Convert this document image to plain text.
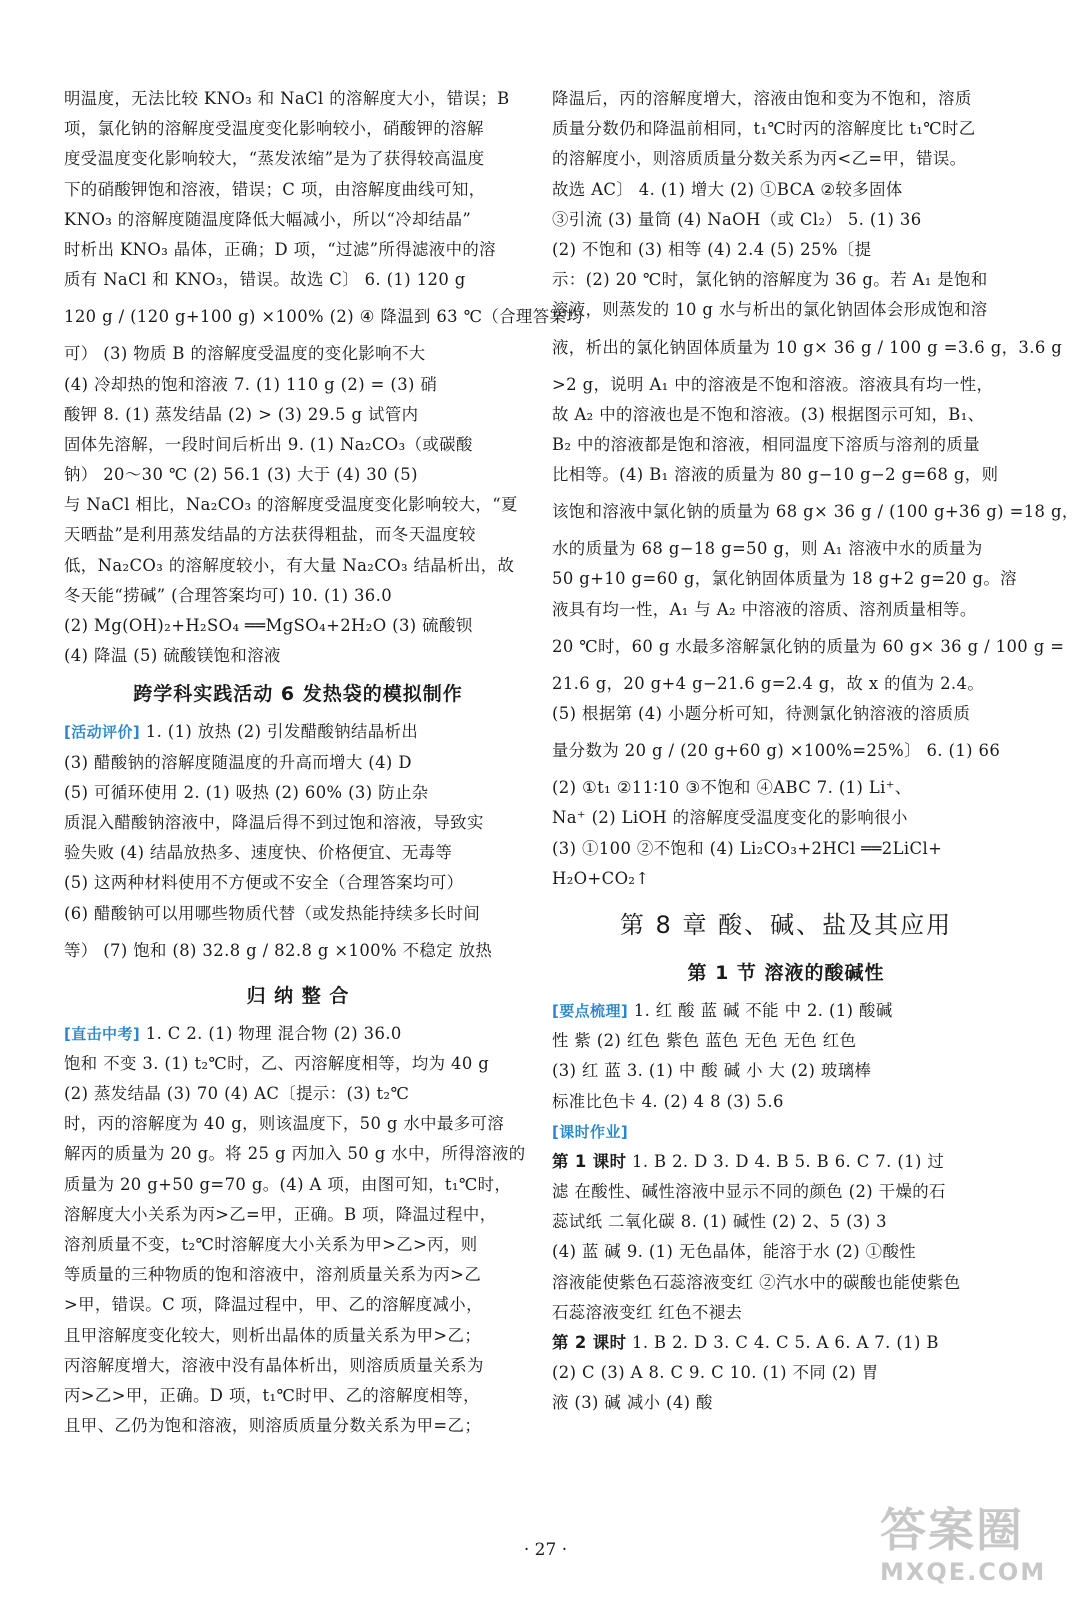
明温度，无法比较 KNO₃ 和 NaCl 的溶解度大小，错误；B
项，氯化钠的溶解度受温度变化影响较小，硝酸钾的溶解
度受温度变化影响较大，“蒸发浓缩”是为了获得较高温度
下的硝酸钾饱和溶液，错误；C 项，由溶解度曲线可知，
KNO₃ 的溶解度随温度降低大幅减小，所以“冷却结晶”
时析出 KNO₃ 晶体，正确；D 项，“过滤”所得滤液中的溶
质有 NaCl 和 KNO₃，错误。故选 C〕 6. (1) 120 g
120 g / (120 g+100 g) ×100% (2) ④ 降温到 63 ℃（合理答案均
可） (3) 物质 B 的溶解度受温度的变化影响不大
(4) 冷却热的饱和溶液 7. (1) 110 g (2) = (3) 硝
酸钾 8. (1) 蒸发结晶 (2) > (3) 29.5 g 试管内
固体先溶解，一段时间后析出 9. (1) Na₂CO₃（或碳酸
钠） 20～30 ℃ (2) 56.1 (3) 大于 (4) 30 (5)
与 NaCl 相比，Na₂CO₃ 的溶解度受温度变化影响较大，“夏
天晒盐”是利用蒸发结晶的方法获得粗盐，而冬天温度较
低，Na₂CO₃ 的溶解度较小，有大量 Na₂CO₃ 结晶析出，故
冬天能“捞碱” (合理答案均可) 10. (1) 36.0
(2) Mg(OH)₂+H₂SO₄ ══MgSO₄+2H₂O (3) 硫酸钡
(4) 降温 (5) 硫酸镁饱和溶液
跨学科实践活动 6 发热袋的模拟制作
[活动评价] 1. (1) 放热 (2) 引发醋酸钠结晶析出
(3) 醋酸钠的溶解度随温度的升高而增大 (4) D
(5) 可循环使用 2. (1) 吸热 (2) 60% (3) 防止杂
质混入醋酸钠溶液中，降温后得不到过饱和溶液，导致实
验失败 (4) 结晶放热多、速度快、价格便宜、无毒等
(5) 这两种材料使用不方便或不安全（合理答案均可）
(6) 醋酸钠可以用哪些物质代替（或发热能持续多长时间
等） (7) 饱和 (8) 32.8 g / 82.8 g ×100% 不稳定 放热
归 纳 整 合
[直击中考] 1. C 2. (1) 物理 混合物 (2) 36.0
饱和 不变 3. (1) t₂℃时，乙、丙溶解度相等，均为 40 g
(2) 蒸发结晶 (3) 70 (4) AC〔提示：(3) t₂℃
时，丙的溶解度为 40 g，则该温度下，50 g 水中最多可溶
解丙的质量为 20 g。将 25 g 丙加入 50 g 水中，所得溶液的
质量为 20 g+50 g=70 g。(4) A 项，由图可知，t₁℃时，
溶解度大小关系为丙>乙=甲，正确。B 项，降温过程中，
溶剂质量不变，t₂℃时溶解度大小关系为甲>乙>丙，则
等质量的三种物质的饱和溶液中，溶剂质量关系为丙>乙
>甲，错误。C 项，降温过程中，甲、乙的溶解度减小，
且甲溶解度变化较大，则析出晶体的质量关系为甲>乙；
丙溶解度增大，溶液中没有晶体析出，则溶质质量关系为
丙>乙>甲，正确。D 项，t₁℃时甲、乙的溶解度相等，
且甲、乙仍为饱和溶液，则溶质质量分数关系为甲=乙；
降温后，丙的溶解度增大，溶液由饱和变为不饱和，溶质
质量分数仍和降温前相同，t₁℃时丙的溶解度比 t₁℃时乙
的溶解度小，则溶质质量分数关系为丙<乙=甲，错误。
故选 AC〕 4. (1) 增大 (2) ①BCA ②较多固体
③引流 (3) 量筒 (4) NaOH（或 Cl₂） 5. (1) 36
(2) 不饱和 (3) 相等 (4) 2.4 (5) 25%〔提
示：(2) 20 ℃时，氯化钠的溶解度为 36 g。若 A₁ 是饱和
溶液，则蒸发的 10 g 水与析出的氯化钠固体会形成饱和溶
液，析出的氯化钠固体质量为 10 g× 36 g / 100 g =3.6 g，3.6 g
>2 g，说明 A₁ 中的溶液是不饱和溶液。溶液具有均一性，
故 A₂ 中的溶液也是不饱和溶液。(3) 根据图示可知，B₁、
B₂ 中的溶液都是饱和溶液，相同温度下溶质与溶剂的质量
比相等。(4) B₁ 溶液的质量为 80 g−10 g−2 g=68 g，则
该饱和溶液中氯化钠的质量为 68 g× 36 g / (100 g+36 g) =18 g，
水的质量为 68 g−18 g=50 g，则 A₁ 溶液中水的质量为
50 g+10 g=60 g，氯化钠固体质量为 18 g+2 g=20 g。溶
液具有均一性，A₁ 与 A₂ 中溶液的溶质、溶剂质量相等。
20 ℃时，60 g 水最多溶解氯化钠的质量为 60 g× 36 g / 100 g =
21.6 g，20 g+4 g−21.6 g=2.4 g，故 x 的值为 2.4。
(5) 根据第 (4) 小题分析可知，待测氯化钠溶液的溶质质
量分数为 20 g / (20 g+60 g) ×100%=25%〕 6. (1) 66
(2) ①t₁ ②11∶10 ③不饱和 ④ABC 7. (1) Li⁺、
Na⁺ (2) LiOH 的溶解度受温度变化的影响很小
(3) ①100 ②不饱和 (4) Li₂CO₃+2HCl ══2LiCl+
H₂O+CO₂↑
第 8 章 酸、碱、盐及其应用
第 1 节 溶液的酸碱性
[要点梳理] 1. 红 酸 蓝 碱 不能 中 2. (1) 酸碱
性 紫 (2) 红色 紫色 蓝色 无色 无色 红色
(3) 红 蓝 3. (1) 中 酸 碱 小 大 (2) 玻璃棒
标准比色卡 4. (2) 4 8 (3) 5.6
[课时作业]
第 1 课时 1. B 2. D 3. D 4. B 5. B 6. C 7. (1) 过
滤 在酸性、碱性溶液中显示不同的颜色 (2) 干燥的石
蕊试纸 二氧化碳 8. (1) 碱性 (2) 2、5 (3) 3
(4) 蓝 碱 9. (1) 无色晶体，能溶于水 (2) ①酸性
溶液能使紫色石蕊溶液变红 ②汽水中的碳酸也能使紫色
石蕊溶液变红 红色不褪去
第 2 课时 1. B 2. D 3. C 4. C 5. A 6. A 7. (1) B
(2) C (3) A 8. C 9. C 10. (1) 不同 (2) 胃
液 (3) 碱 减小 (4) 酸
· 27 ·	答案圈
MXQE.COM
